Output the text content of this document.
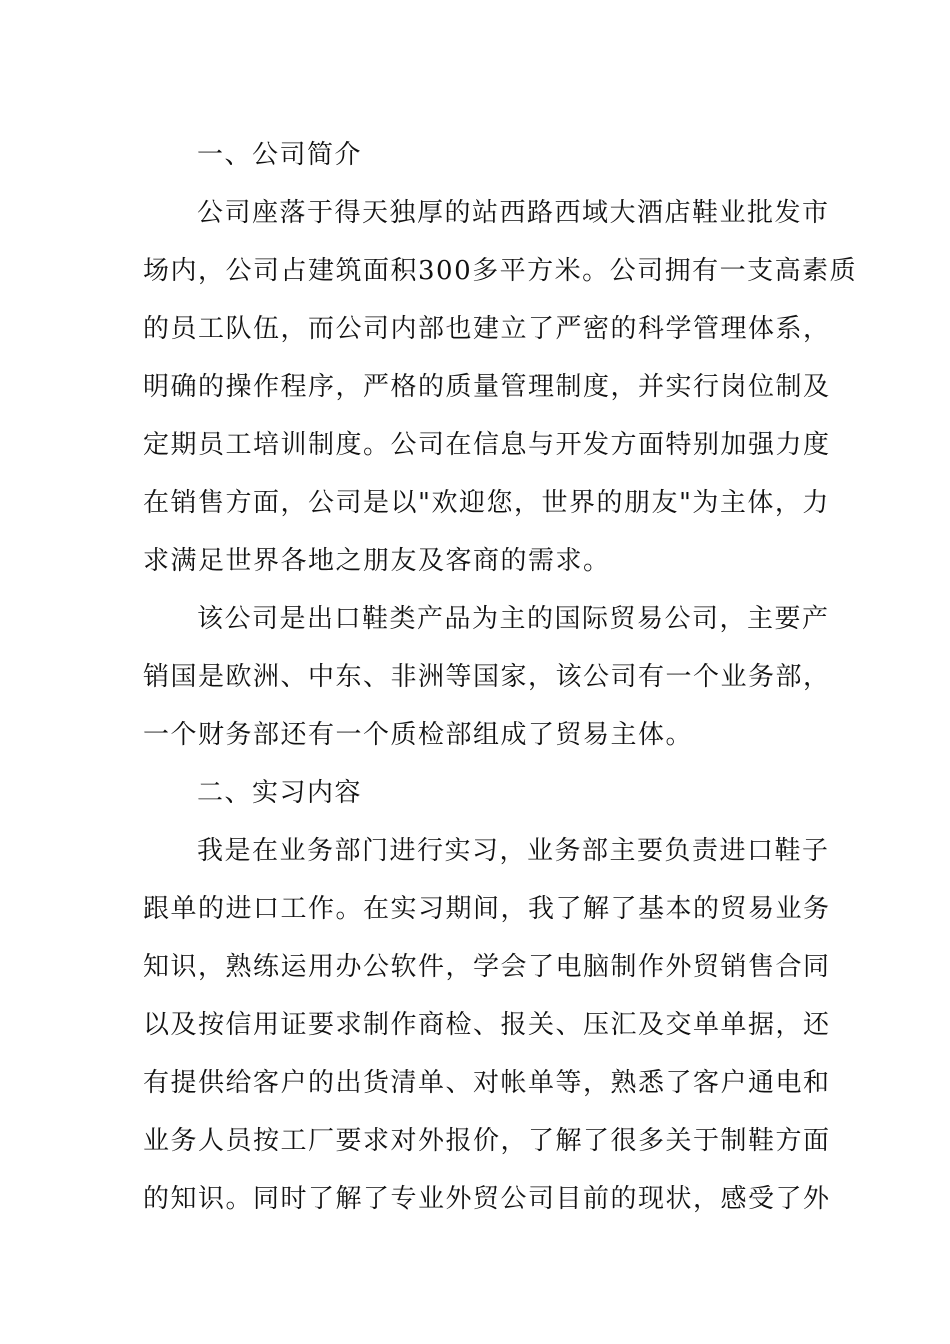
一、公司简介
公司座落于得天独厚的站西路西域大酒店鞋业批发市
场内，公司占建筑面积300多平方米。公司拥有一支高素质
的员工队伍，而公司内部也建立了严密的科学管理体系，
明确的操作程序，严格的质量管理制度，并实行岗位制及
定期员工培训制度。公司在信息与开发方面特别加强力度
在销售方面，公司是以"欢迎您，世界的朋友"为主体，力
求满足世界各地之朋友及客商的需求。
该公司是出口鞋类产品为主的国际贸易公司，主要产
销国是欧洲、中东、非洲等国家，该公司有一个业务部，
一个财务部还有一个质检部组成了贸易主体。
二、实习内容
我是在业务部门进行实习，业务部主要负责进口鞋子
跟单的进口工作。在实习期间，我了解了基本的贸易业务
知识，熟练运用办公软件，学会了电脑制作外贸销售合同
以及按信用证要求制作商检、报关、压汇及交单单据，还
有提供给客户的出货清单、对帐单等，熟悉了客户通电和
业务人员按工厂要求对外报价，了解了很多关于制鞋方面
的知识。同时了解了专业外贸公司目前的现状，感受了外
